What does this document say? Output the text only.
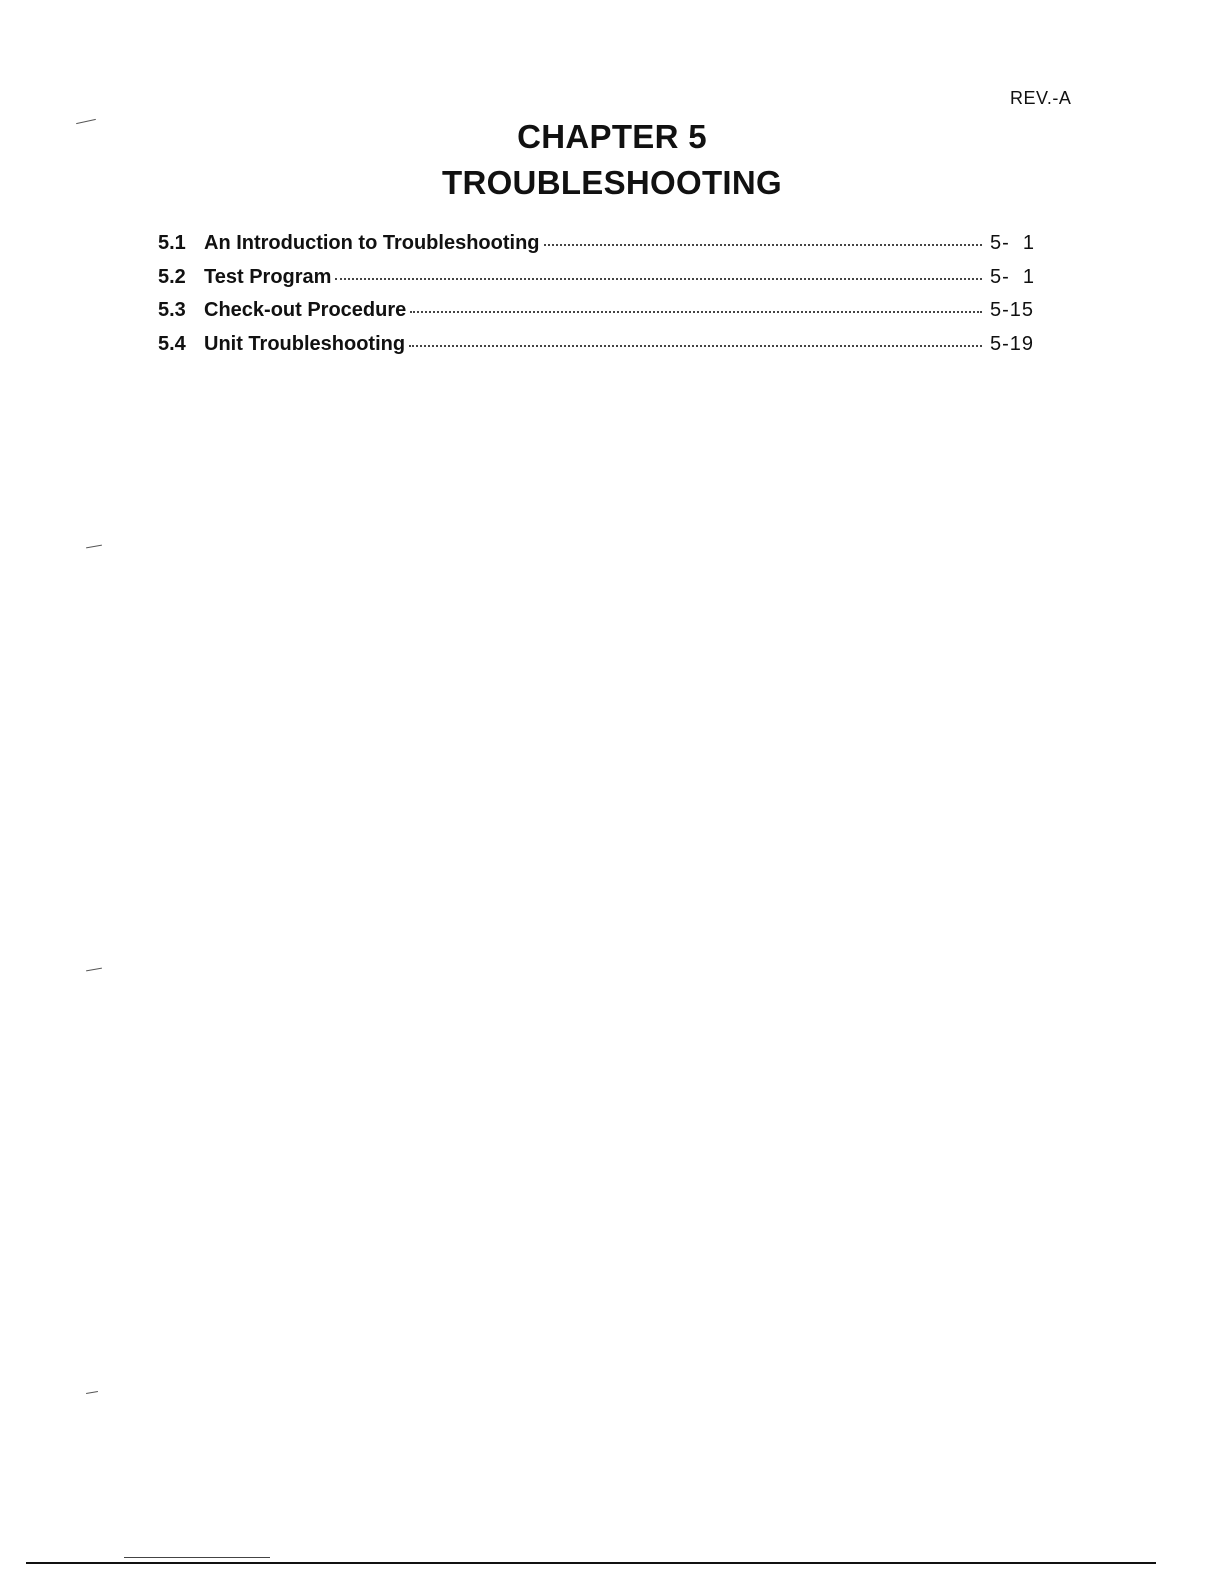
REV.-A
CHAPTER 5
TROUBLESHOOTING
5.1 An Introduction to Troubleshooting	5-  1
5.2 Test Program	5-  1
5.3 Check-out Procedure	5-15
5.4 Unit Troubleshooting	5-19
